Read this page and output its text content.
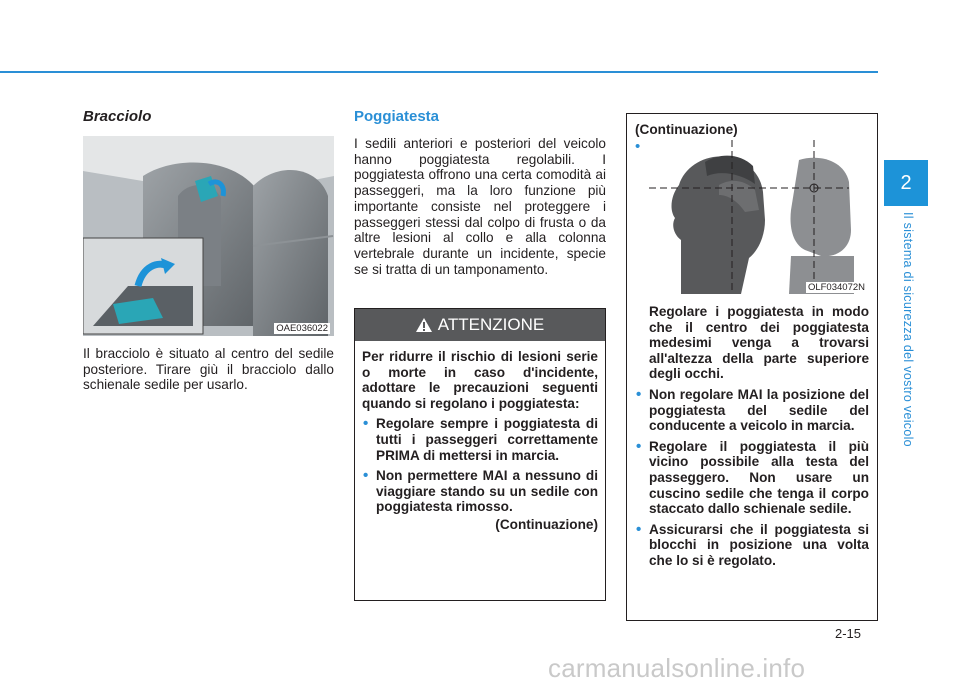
2
Il sistema di sicurezza del vostro veicolo
Bracciolo
OAE036022
Il bracciolo è situato al centro del sedile posteriore. Tirare giù il bracciolo dallo schienale sedile per usarlo.
Poggiatesta
I sedili anteriori e posteriori del veicolo hanno poggiatesta regolabili. I poggiatesta offrono una certa comodità ai passeggeri, ma la loro funzione più importante consiste nel proteggere i passeggeri stessi dal colpo di frusta o da altre lesioni al collo e alla colonna vertebrale durante un incidente, specie se si tratta di un tamponamento.
ATTENZIONE

Per ridurre il rischio di lesioni serie o morte in caso d'incidente, adottare le precauzioni seguenti quando si regolano i poggiatesta:

• Regolare sempre i poggiatesta di tutti i passeggeri correttamente PRIMA di mettersi in marcia.
• Non permettere MAI a nessuno di viaggiare stando su un sedile con poggiatesta rimosso.
(Continuazione)
(Continuazione)
•
OLF034072N
Regolare i poggiatesta in modo che il centro dei poggiatesta medesimi venga a trovarsi all'altezza della parte superiore degli occhi.
• Non regolare MAI la posizione del poggiatesta del sedile del conducente a veicolo in marcia.
• Regolare il poggiatesta il più vicino possibile alla testa del passeggero. Non usare un cuscino sedile che tenga il corpo staccato dallo schienale sedile.
• Assicurarsi che il poggiatesta si blocchi in posizione una volta che lo si è regolato.
2-15
carmanualsonline.info
